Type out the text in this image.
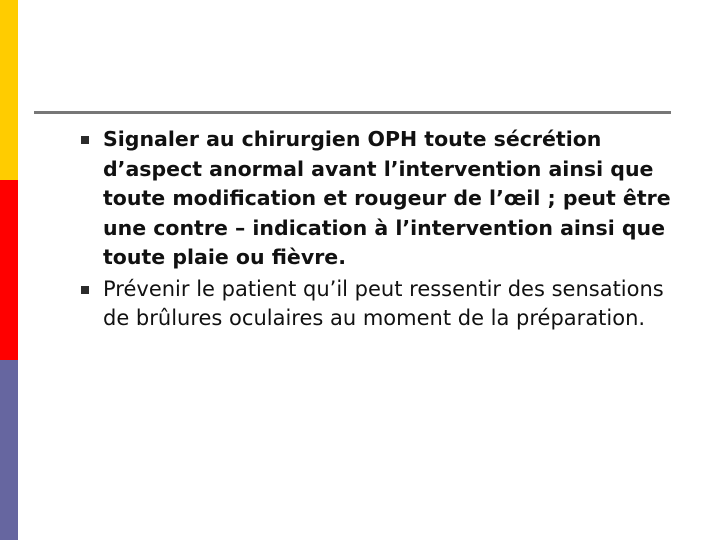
Signaler au chirurgien OPH toute sécrétion d’aspect anormal avant l’intervention ainsi que toute modification et rougeur de l’œil ; peut être une contre – indication à l’intervention ainsi que toute plaie ou fièvre.
Prévenir le patient qu’il peut ressentir des sensations de brûlures oculaires au moment de la préparation.
